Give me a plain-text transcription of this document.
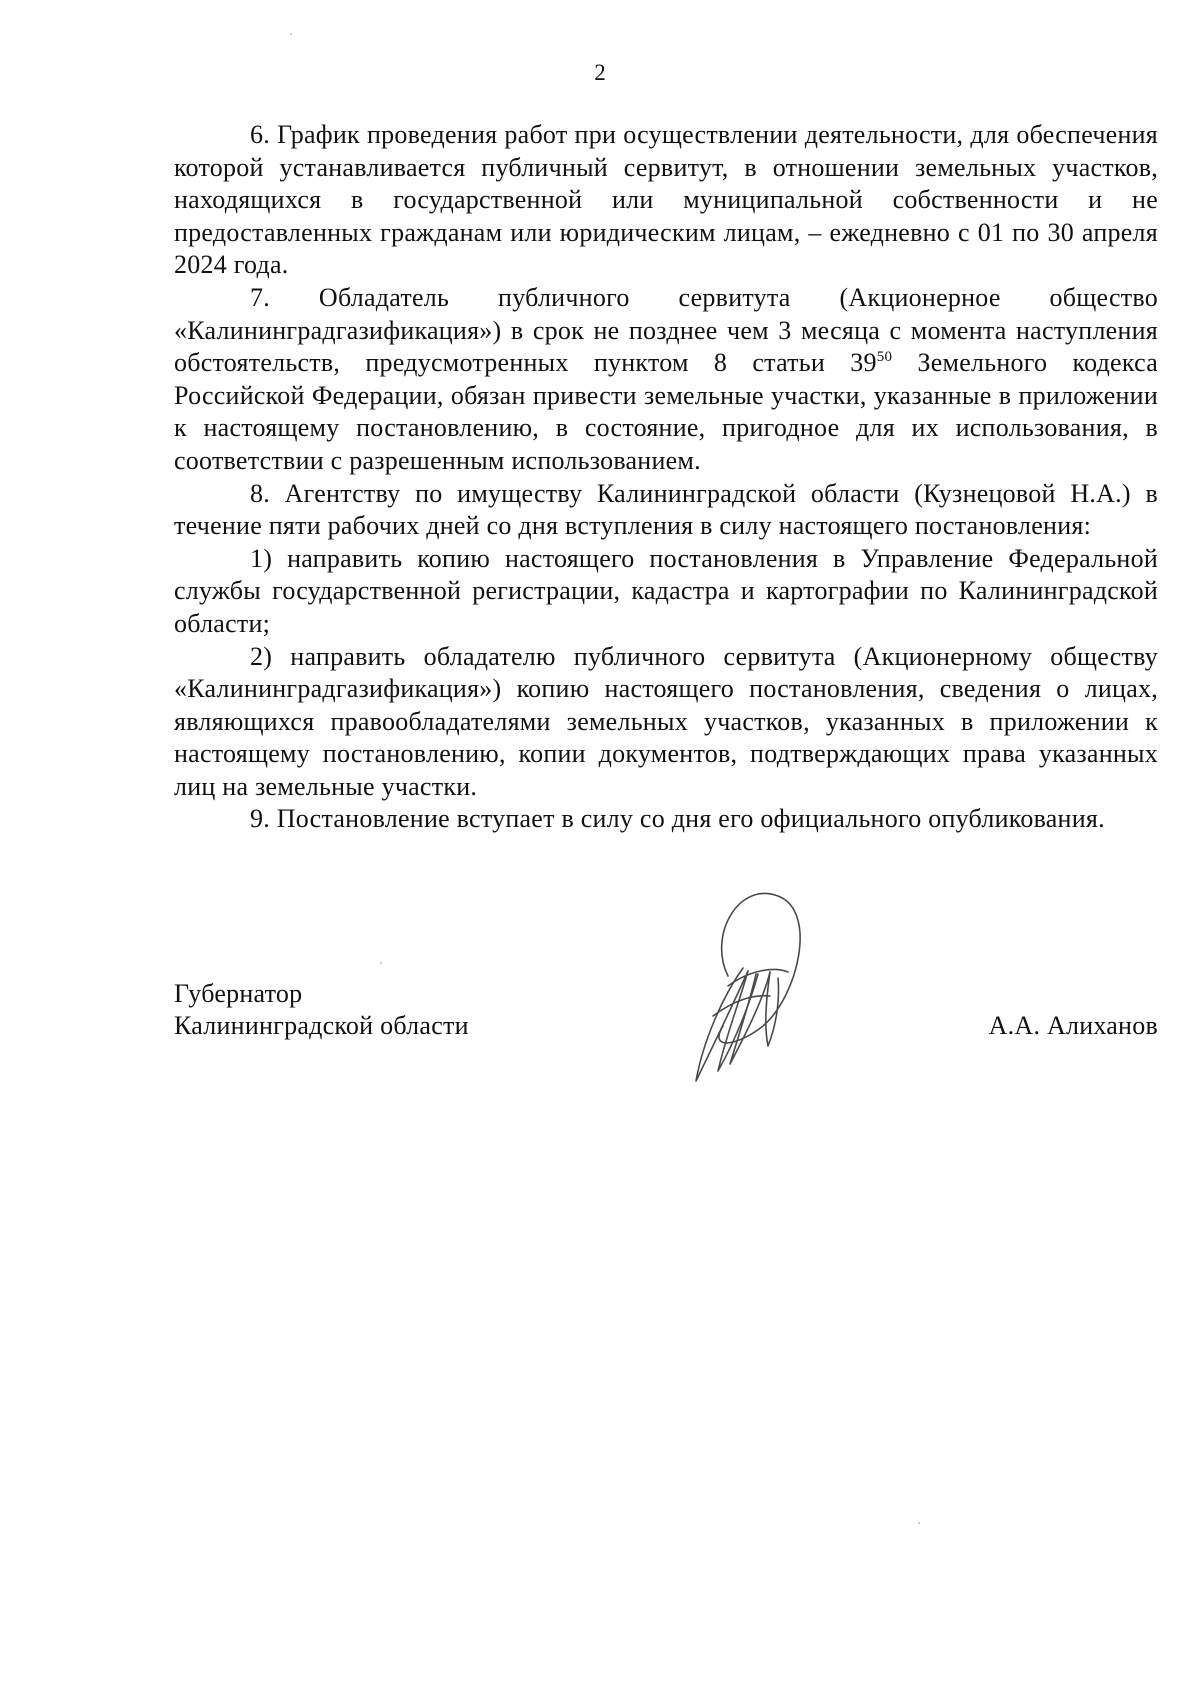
2

6. График проведения работ при осуществлении деятельности, для обеспечения которой устанавливается публичный сервитут, в отношении земельных участков, находящихся в государственной или муниципальной собственности и не предоставленных гражданам или юридическим лицам, – ежедневно с 01 по 30 апреля 2024 года.

7. Обладатель публичного сервитута (Акционерное общество «Калининградгазификация») в срок не позднее чем 3 месяца с момента наступления обстоятельств, предусмотренных пунктом 8 статьи $39^{50}$ Земельного кодекса Российской Федерации, обязан привести земельные участки, указанные в приложении к настоящему постановлению, в состояние, пригодное для их использования, в соответствии с разрешенным использованием.

8. Агентству по имуществу Калининградской области (Кузнецовой Н.А.) в течение пяти рабочих дней со дня вступления в силу настоящего постановления:

1) направить копию настоящего постановления в Управление Федеральной службы государственной регистрации, кадастра и картографии по Калининградской области;

2) направить обладателю публичного сервитута (Акционерному обществу «Калининградгазификация») копию настоящего постановления, сведения о лицах, являющихся правообладателями земельных участков, указанных в приложении к настоящему постановлению, копии документов, подтверждающих права указанных лиц на земельные участки.

9. Постановление вступает в силу со дня его официального опубликования.

Губернатор
Калининградской области	А.А. Алиханов
